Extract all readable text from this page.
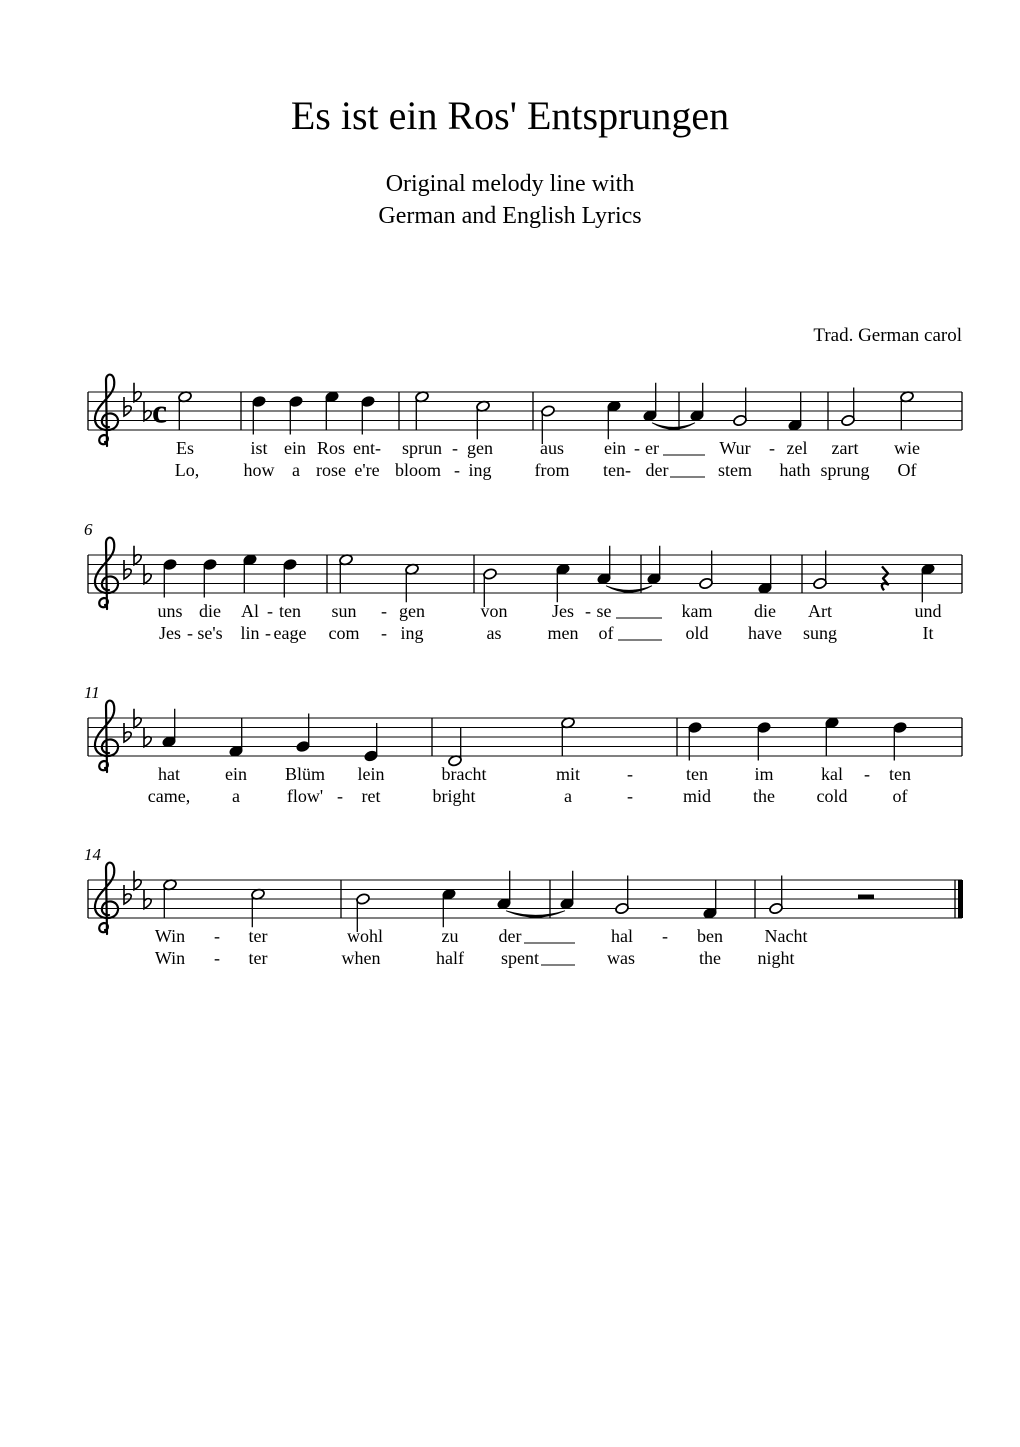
Es ist ein Ros' Entsprungen
Original melody line with
German and English Lyrics
Trad. German carol
c
Es	ist ein Ros ent- sprun - gen	aus ein - er	Wur - zel zart wie
Lo, how a rose e're bloom - ing from ten- der	stem hath sprung Of
6
uns die Al - ten sun - gen	von Jes - se	kam die Art	und
Jes - se's lin - eage com - ing	as	men of	old have sung	It
11
hat	ein Blüm lein	bracht	mit	-	ten	im	kal - ten
came, a	flow' - ret	bright	a	-	mid the cold	of
14
Win - ter	wohl	zu der	hal - ben Nacht
Win - ter	when	half spent	was	the night
